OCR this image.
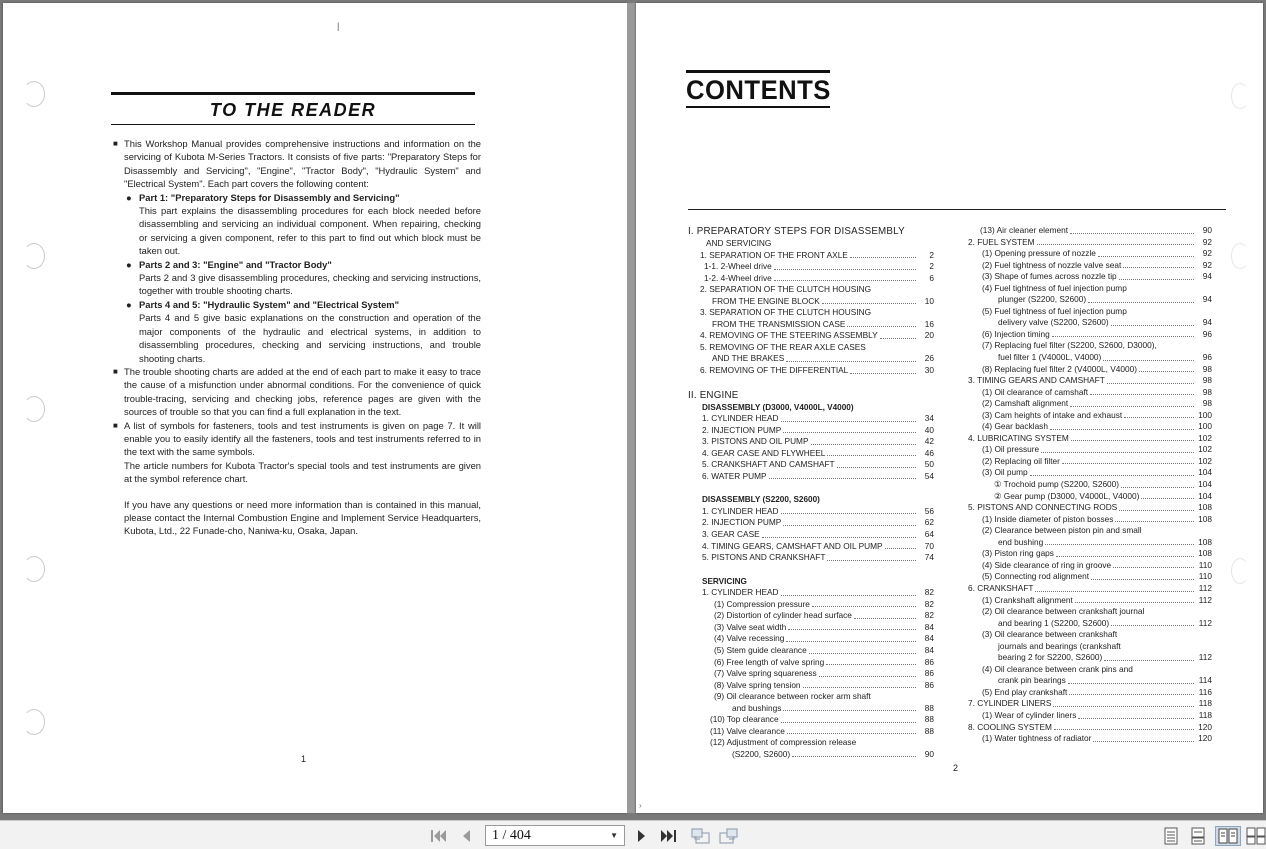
|
TO THE READER
■ This Workshop Manual provides comprehensive instructions and information on the servicing of Kubota M-Series Tractors. It consists of five parts: "Preparatory Steps for Disassembly and Servicing", "Engine", "Tractor Body", "Hydraulic System" and "Electrical System". Each part covers the following content:
● Part 1: "Preparatory Steps for Disassembly and Servicing"
This part explains the disassembling procedures for each block needed before disassembling and servicing an individual component. When repairing, checking or servicing a given component, refer to this part to find out which block must be taken out.
● Parts 2 and 3: "Engine" and "Tractor Body"
Parts 2 and 3 give disassembling procedures, checking and servicing instructions, together with trouble shooting charts.
● Parts 4 and 5: "Hydraulic System" and "Electrical System"
Parts 4 and 5 give basic explanations on the construction and operation of the major components of the hydraulic and electrical systems, in addition to disassembling procedures, checking and servicing instructions, and trouble shooting charts.
■ The trouble shooting charts are added at the end of each part to make it easy to trace the cause of a misfunction under abnormal conditions. For the convenience of quick trouble-tracing, servicing and checking jobs, reference pages are given with the sources of trouble so that you can find a full explanation in the text.
■ A list of symbols for fasteners, tools and test instruments is given on page 7. It will enable you to easily identify all the fasteners, tools and test instruments referred to in the text with the same symbols.
The article numbers for Kubota Tractor's special tools and test instruments are given at the symbol reference chart.
If you have any questions or need more information than is contained in this manual, please contact the Internal Combustion Engine and Implement Service Headquarters, Kubota, Ltd., 22 Funade-cho, Naniwa-ku, Osaka, Japan.
1
CONTENTS
I. PREPARATORY STEPS FOR DISASSEMBLY
AND SERVICING
1. SEPARATION OF THE FRONT AXLE	2
1-1. 2-Wheel drive	2
1-2. 4-Wheel drive	6
2. SEPARATION OF THE CLUTCH HOUSING
FROM THE ENGINE BLOCK	10
3. SEPARATION OF THE CLUTCH HOUSING
FROM THE TRANSMISSION CASE	16
4. REMOVING OF THE STEERING ASSEMBLY	20
5. REMOVING OF THE REAR AXLE CASES
AND THE BRAKES	26
6. REMOVING OF THE DIFFERENTIAL	30
II. ENGINE
DISASSEMBLY (D3000, V4000L, V4000)
1. CYLINDER HEAD	34
2. INJECTION PUMP	40
3. PISTONS AND OIL PUMP	42
4. GEAR CASE AND FLYWHEEL	46
5. CRANKSHAFT AND CAMSHAFT	50
6. WATER PUMP	54
DISASSEMBLY (S2200, S2600)
1. CYLINDER HEAD	56
2. INJECTION PUMP	62
3. GEAR CASE	64
4. TIMING GEARS, CAMSHAFT AND OIL PUMP	70
5. PISTONS AND CRANKSHAFT	74
SERVICING
1. CYLINDER HEAD	82
(1) Compression pressure	82
(2) Distortion of cylinder head surface	82
(3) Valve seat width	84
(4) Valve recessing	84
(5) Stem guide clearance	84
(6) Free length of valve spring	86
(7) Valve spring squareness	86
(8) Valve spring tension	86
(9) Oil clearance between rocker arm shaft
and bushings	88
(10) Top clearance	88
(11) Valve clearance	88
(12) Adjustment of compression release
(S2200, S2600)	90
(13) Air cleaner element	90
2. FUEL SYSTEM	92
(1) Opening pressure of nozzle	92
(2) Fuel tightness of nozzle valve seat	92
(3) Shape of fumes across nozzle tip	94
(4) Fuel tightness of fuel injection pump
plunger (S2200, S2600)	94
(5) Fuel tightness of fuel injection pump
delivery valve (S2200, S2600)	94
(6) Injection timing	96
(7) Replacing fuel filter (S2200, S2600, D3000),
fuel filter 1 (V4000L, V4000)	96
(8) Replacing fuel filter 2 (V4000L, V4000)	98
3. TIMING GEARS AND CAMSHAFT	98
(1) Oil clearance of camshaft	98
(2) Camshaft alignment	98
(3) Cam heights of intake and exhaust	100
(4) Gear backlash	100
4. LUBRICATING SYSTEM	102
(1) Oil pressure	102
(2) Replacing oil filter	102
(3) Oil pump	104
① Trochoid pump (S2200, S2600)	104
② Gear pump (D3000, V4000L, V4000)	104
5. PISTONS AND CONNECTING RODS	108
(1) Inside diameter of piston bosses	108
(2) Clearance between piston pin and small
end bushing	108
(3) Piston ring gaps	108
(4) Side clearance of ring in groove	110
(5) Connecting rod alignment	110
6. CRANKSHAFT	112
(1) Crankshaft alignment	112
(2) Oil clearance between crankshaft journal
and bearing 1 (S2200, S2600)	112
(3) Oil clearance between crankshaft
journals and bearings (crankshaft
bearing 2 for S2200, S2600)	112
(4) Oil clearance between crank pins and
crank pin bearings	114
(5) End play crankshaft	116
7. CYLINDER LINERS	118
(1) Wear of cylinder liners	118
8. COOLING SYSTEM	120
(1) Water tightness of radiator	120
2
›
1 / 404	▼
